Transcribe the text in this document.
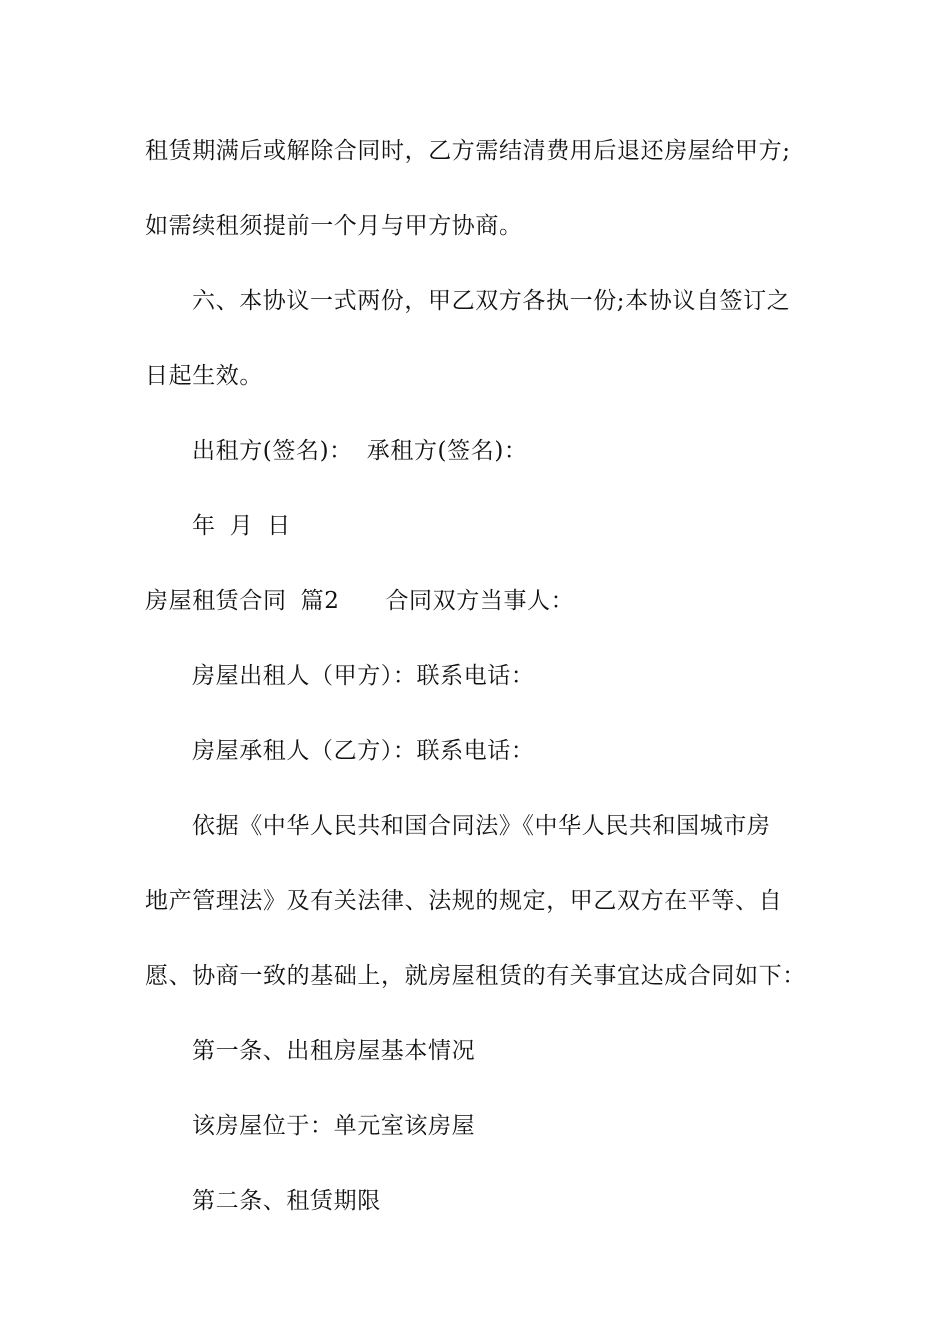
租赁期满后或解除合同时，乙方需结清费用后退还房屋给甲方;
如需续租须提前一个月与甲方协商。
六、本协议一式两份，甲乙双方各执一份;本协议自签订之
日起生效。
出租方(签名)： 承租方(签名)：
年 月 日
房屋租赁合同 篇2 合同双方当事人：
房屋出租人（甲方）：联系电话：
房屋承租人（乙方）：联系电话：
依据《中华人民共和国合同法》《中华人民共和国城市房
地产管理法》及有关法律、法规的规定，甲乙双方在平等、自
愿、协商一致的基础上，就房屋租赁的有关事宜达成合同如下：
第一条、出租房屋基本情况
该房屋位于：单元室该房屋
第二条、租赁期限
